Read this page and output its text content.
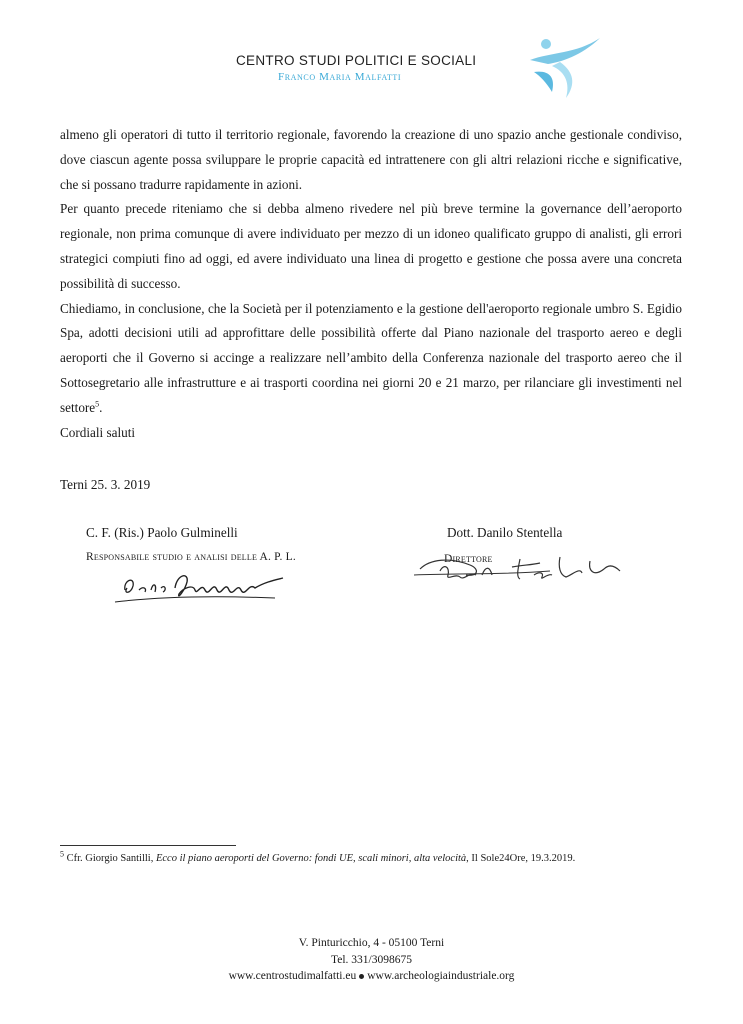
CENTRO STUDI POLITICI E SOCIALI
Franco Maria Malfatti

almeno gli operatori di tutto il territorio regionale, favorendo la creazione di uno spazio anche gestionale condiviso, dove ciascun agente possa sviluppare le proprie capacità ed intrattenere con gli altri relazioni ricche e significative, che si possano tradurre rapidamente in azioni.

Per quanto precede riteniamo che si debba almeno rivedere nel più breve termine la governance dell’aeroporto regionale, non prima comunque di avere individuato per mezzo di un idoneo qualificato gruppo di analisti, gli errori strategici compiuti fino ad oggi, ed avere individuato una linea di progetto e gestione che possa avere una concreta possibilità di successo.

Chiediamo, in conclusione, che la Società per il potenziamento e la gestione dell'aeroporto regionale umbro S. Egidio Spa, adotti decisioni utili ad approfittare delle possibilità offerte dal Piano nazionale del trasporto aereo e degli aeroporti che il Governo si accinge a realizzare nell’ambito della Conferenza nazionale del trasporto aereo che il Sottosegretario alle infrastrutture e ai trasporti coordina nei giorni 20 e 21 marzo, per rilanciare gli investimenti nel settore$^5$.

Cordiali saluti

Terni 25. 3. 2019
C. F. (Ris.) Paolo Gulminelli
Responsabile studio e analisi delle A. P. L.
Dott. Danilo Stentella
Direttore
$^5$ Cfr. Giorgio Santilli, Ecco il piano aeroporti del Governo: fondi UE, scali minori, alta velocità, Il Sole24Ore, 19.3.2019.
V. Pinturicchio, 4 - 05100 Terni
Tel. 331/3098675
www.centrostudimalfatti.eu www.archeologiaindustriale.org
